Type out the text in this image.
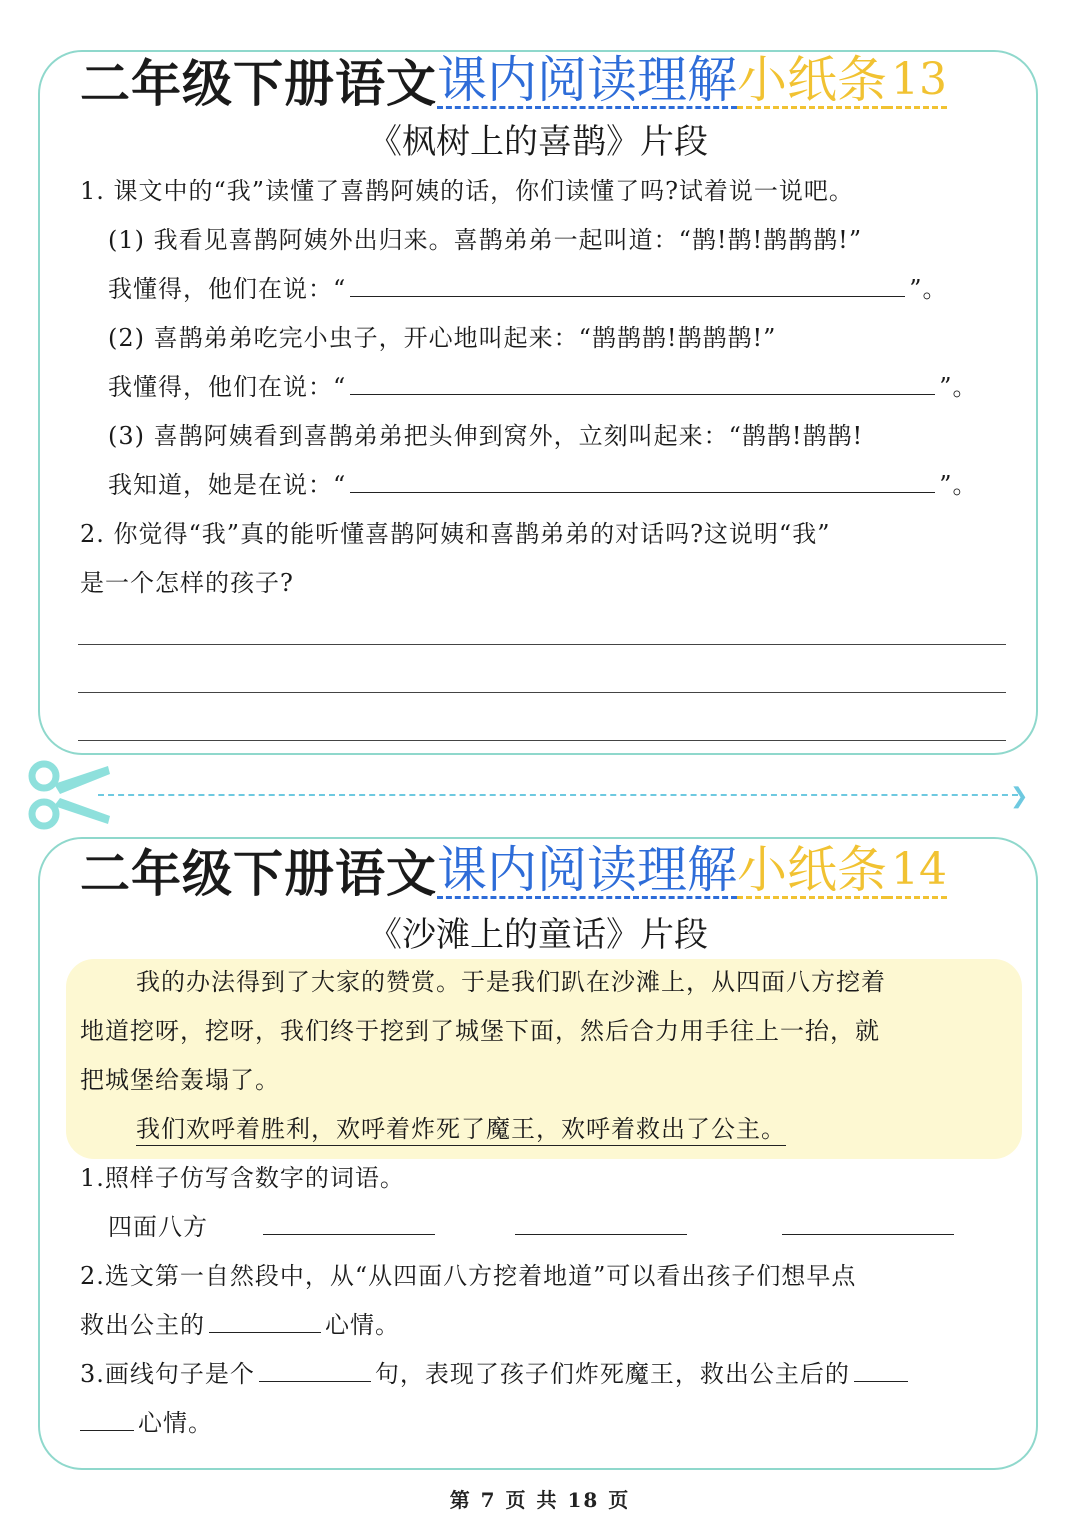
二年级下册语文课内阅读理解小纸条13
《枫树上的喜鹊》片段
1. 课文中的“我”读懂了喜鹊阿姨的话，你们读懂了吗?试着说一说吧。
(1) 我看见喜鹊阿姨外出归来。喜鹊弟弟一起叫道：“鹊!鹊!鹊鹊鹊!”
我懂得，他们在说：“	”。
(2) 喜鹊弟弟吃完小虫子，开心地叫起来：“鹊鹊鹊!鹊鹊鹊!”
我懂得，他们在说：“	”。
(3) 喜鹊阿姨看到喜鹊弟弟把头伸到窝外，立刻叫起来：“鹊鹊!鹊鹊!
我知道，她是在说：“	”。
2. 你觉得“我”真的能听懂喜鹊阿姨和喜鹊弟弟的对话吗?这说明“我”
是一个怎样的孩子?
❯
二年级下册语文课内阅读理解小纸条14
《沙滩上的童话》片段
我的办法得到了大家的赞赏。于是我们趴在沙滩上，从四面八方挖着
地道挖呀，挖呀，我们终于挖到了城堡下面，然后合力用手往上一抬，就
把城堡给轰塌了。
我们欢呼着胜利，欢呼着炸死了魔王，欢呼着救出了公主。
1.照样子仿写含数字的词语。
四面八方
2.选文第一自然段中，从“从四面八方挖着地道”可以看出孩子们想早点
救出公主的	心情。
3.画线句子是个	句，表现了孩子们炸死魔王，救出公主后的
心情。
第 7 页 共 18 页
